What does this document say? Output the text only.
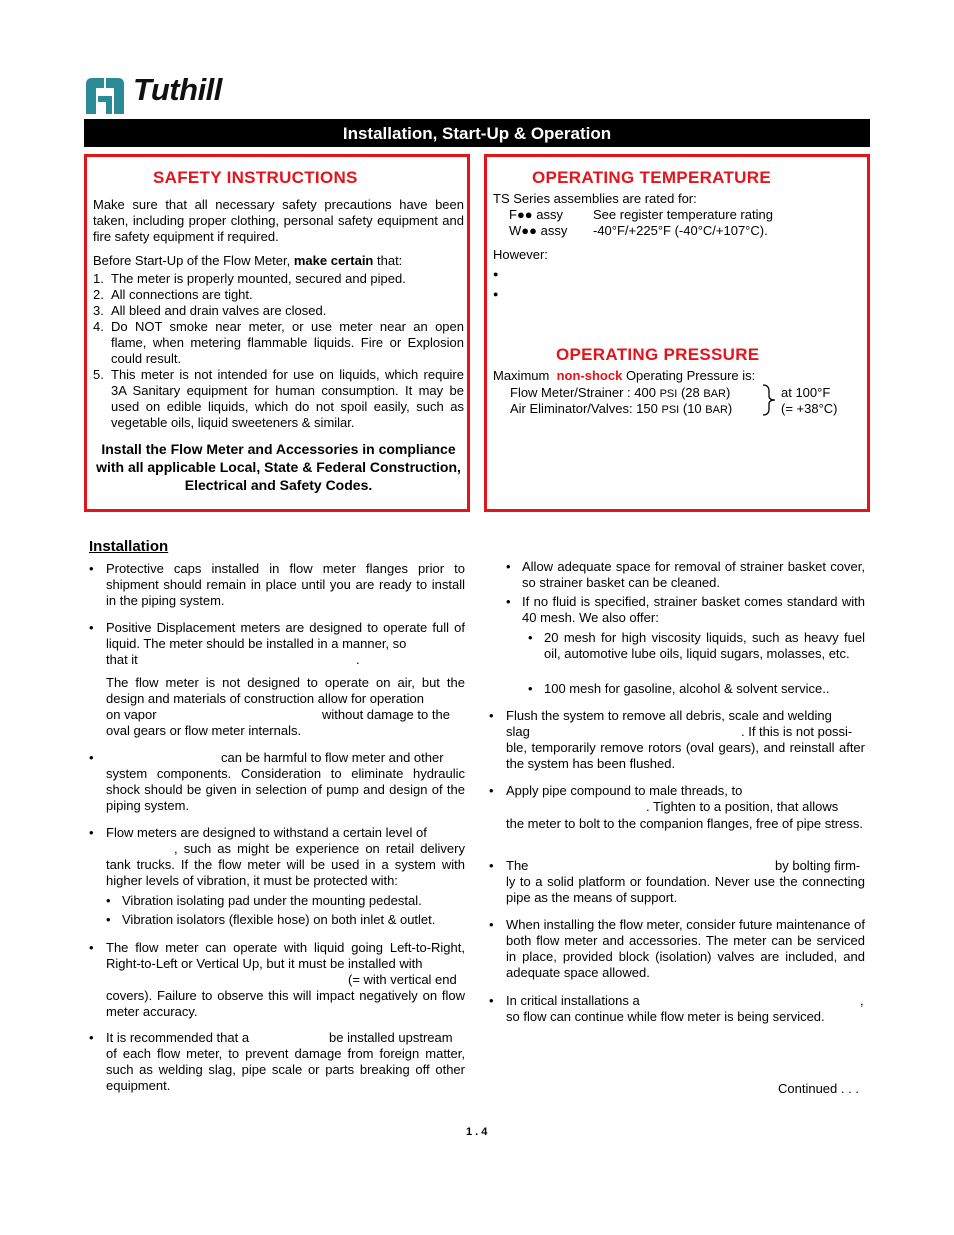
Tuthill
Installation, Start-Up & Operation
SAFETY INSTRUCTIONS
Make sure that all necessary safety precautions have been taken, including proper clothing, personal safety equipment and fire safety equipment if required.
Before Start-Up of the Flow Meter, make certain that:
1. The meter is properly mounted, secured and piped.
2. All connections are tight.
3. All bleed and drain valves are closed.
4. Do NOT smoke near meter, or use meter near an open flame, when metering flammable liquids. Fire or Explosion could result.
5. This meter is not intended for use on liquids, which require 3A Sanitary equipment for human consumption. It may be used on edible liquids, which do not spoil easily, such as vegetable oils, liquid sweeteners & similar.
Install the Flow Meter and Accessories in compliance with all applicable Local, State & Federal Construction, Electrical and Safety Codes.
OPERATING TEMPERATURE
TS Series assemblies are rated for:
F●● assy See register temperature rating
W●● assy -40°F/+225°F (-40°C/+107°C).
However:
●
●
OPERATING PRESSURE
Maximum non-shock Operating Pressure is:
Flow Meter/Strainer : 400 PSI (28 BAR)
Air Eliminator/Valves: 150 PSI (10 BAR)
at 100°F
(= +38°C)
Installation
• Protective caps installed in flow meter flanges prior to shipment should remain in place until you are ready to install in the piping system.
• Positive Displacement meters are designed to operate full of liquid. The meter should be installed in a manner, so
that it	.
The flow meter is not designed to operate on air, but the design and materials of construction allow for operation
on vapor	without damage to the
oval gears or flow meter internals.
•	can be harmful to flow meter and other
system components. Consideration to eliminate hydraulic shock should be given in selection of pump and design of the piping system.
• Flow meters are designed to withstand a certain level of
, such as might be experience on retail delivery tank trucks. If the flow meter will be used in a system with higher levels of vibration, it must be protected with:
• Vibration isolating pad under the mounting pedestal.
• Vibration isolators (flexible hose) on both inlet & outlet.
• The flow meter can operate with liquid going Left-to-Right, Right-to-Left or Vertical Up, but it must be installed with
(= with vertical end
covers). Failure to observe this will impact negatively on flow meter accuracy.
• It is recommended that a	be installed upstream
of each flow meter, to prevent damage from foreign matter, such as welding slag, pipe scale or parts breaking off other equipment.
• Allow adequate space for removal of strainer basket cover, so strainer basket can be cleaned.
• If no fluid is specified, strainer basket comes standard with 40 mesh. We also offer:
• 20 mesh for high viscosity liquids, such as heavy fuel oil, automotive lube oils, liquid sugars, molasses, etc.
• 100 mesh for gasoline, alcohol & solvent service..
• Flush the system to remove all debris, scale and welding
slag	. If this is not possi-
ble, temporarily remove rotors (oval gears), and reinstall after the system has been flushed.
• Apply pipe compound to male threads, to
. Tighten to a position, that allows
the meter to bolt to the companion flanges, free of pipe stress.
• The	by bolting firm-
ly to a solid platform or foundation. Never use the connecting pipe as the means of support.
• When installing the flow meter, consider future maintenance of both flow meter and accessories. The meter can be serviced in place, provided block (isolation) valves are included, and adequate space allowed.
• In critical installations a	,
so flow can continue while flow meter is being serviced.
Continued . . .
1 . 4
